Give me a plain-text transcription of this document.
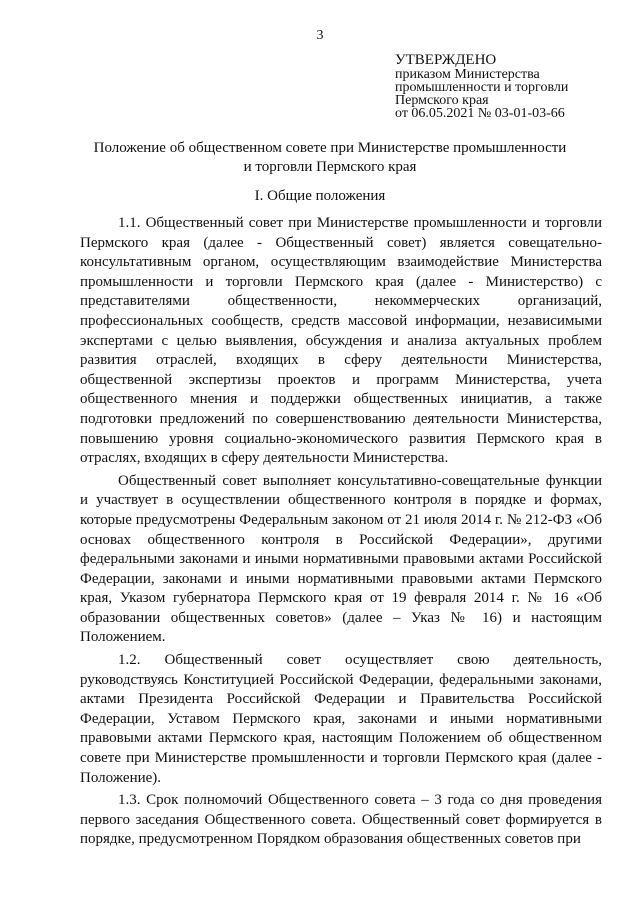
3
УТВЕРЖДЕНО
приказом Министерства
промышленности и торговли
Пермского края
от 06.05.2021 № 03-01-03-66
Положение об общественном совете при Министерстве промышленности
и торговли Пермского края
I. Общие положения

1.1. Общественный совет при Министерстве промышленности и торговли Пермского края (далее - Общественный совет) является совещательно-консультативным органом, осуществляющим взаимодействие Министерства промышленности и торговли Пермского края (далее - Министерство) с представителями общественности, некоммерческих организаций, профессиональных сообществ, средств массовой информации, независимыми экспертами с целью выявления, обсуждения и анализа актуальных проблем развития отраслей, входящих в сферу деятельности Министерства, общественной экспертизы проектов и программ Министерства, учета общественного мнения и поддержки общественных инициатив, а также подготовки предложений по совершенствованию деятельности Министерства, повышению уровня социально-экономического развития Пермского края в отраслях, входящих в сферу деятельности Министерства.

Общественный совет выполняет консультативно-совещательные функции и участвует в осуществлении общественного контроля в порядке и формах, которые предусмотрены Федеральным законом от 21 июля 2014 г. № 212-ФЗ «Об основах общественного контроля в Российской Федерации», другими федеральными законами и иными нормативными правовыми актами Российской Федерации, законами и иными нормативными правовыми актами Пермского края, Указом губернатора Пермского края от 19 февраля 2014 г. № 16 «Об образовании общественных советов» (далее – Указ № 16) и настоящим Положением.

1.2. Общественный совет осуществляет свою деятельность, руководствуясь Конституцией Российской Федерации, федеральными законами, актами Президента Российской Федерации и Правительства Российской Федерации, Уставом Пермского края, законами и иными нормативными правовыми актами Пермского края, настоящим Положением об общественном совете при Министерстве промышленности и торговли Пермского края (далее - Положение).

1.3. Срок полномочий Общественного совета – 3 года со дня проведения первого заседания Общественного совета. Общественный совет формируется в порядке, предусмотренном Порядком образования общественных советов при
